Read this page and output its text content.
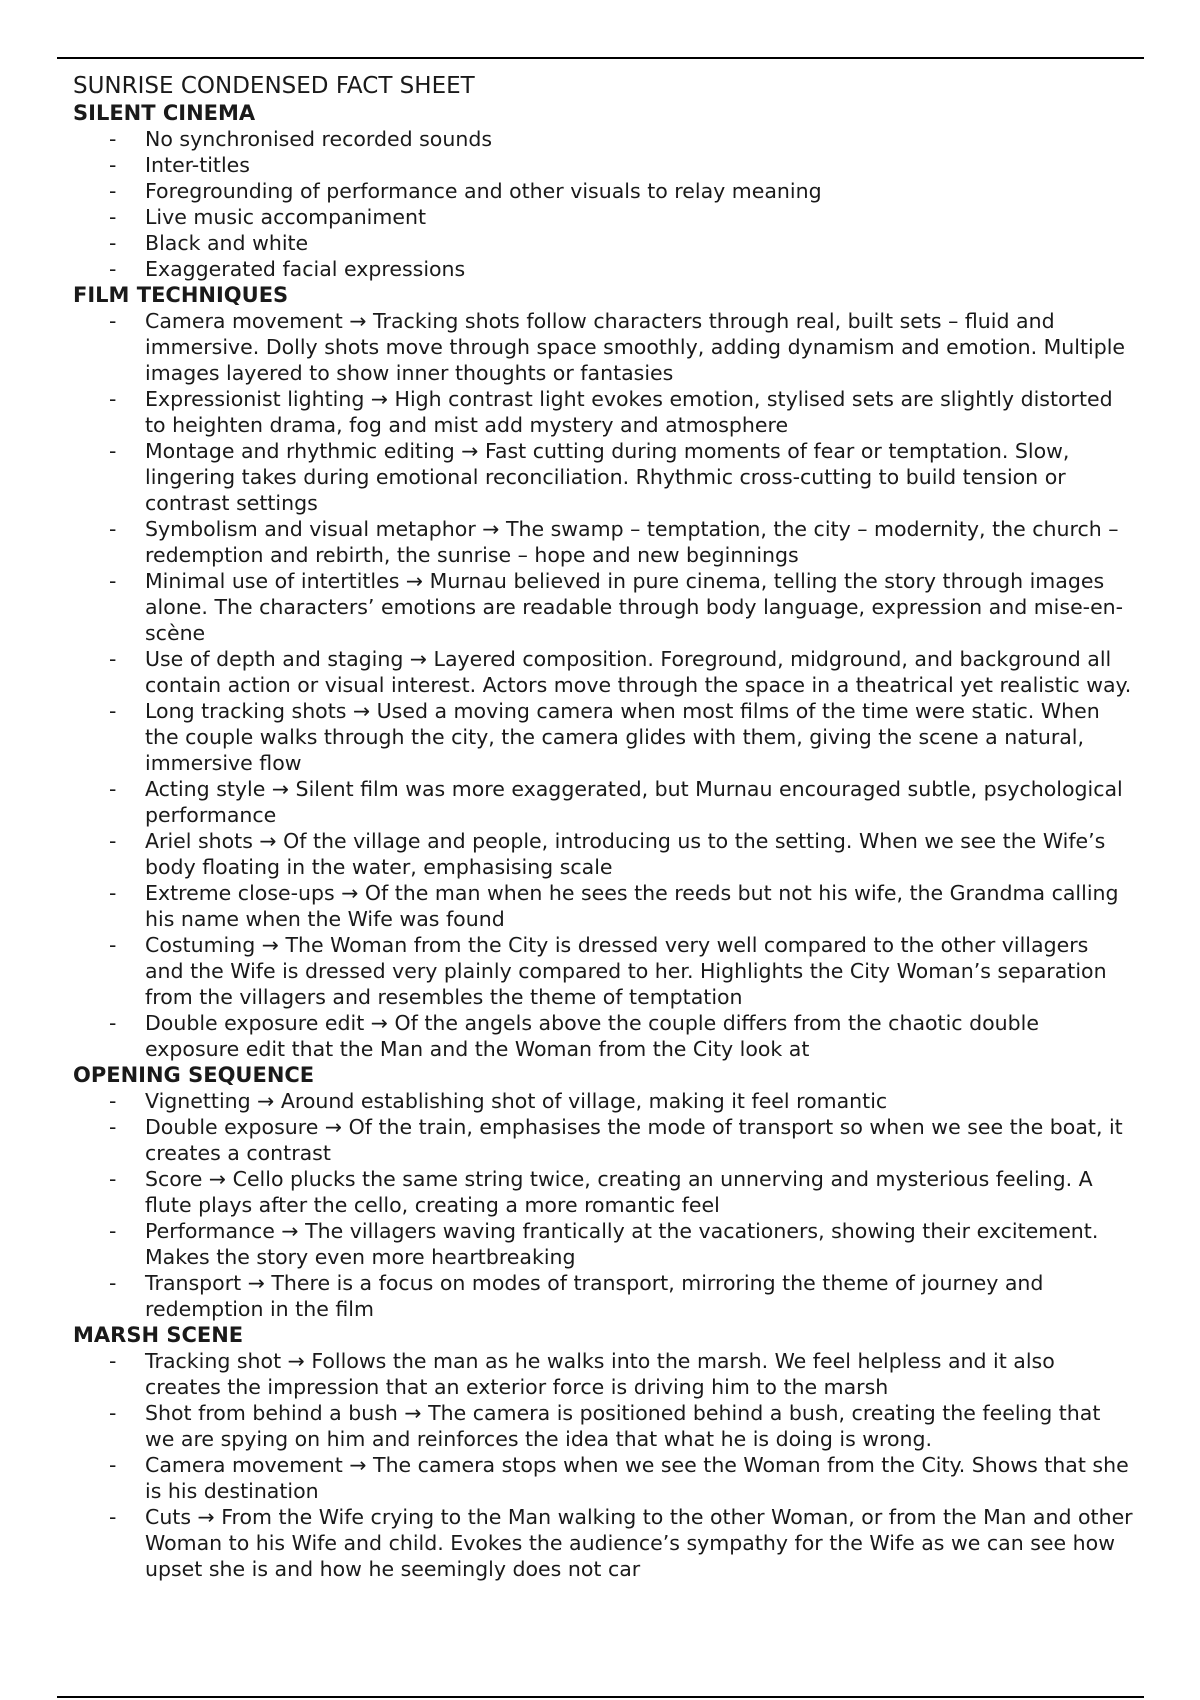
SUNRISE CONDENSED FACT SHEET
SILENT CINEMA
- No synchronised recorded sounds
- Inter-titles
- Foregrounding of performance and other visuals to relay meaning
- Live music accompaniment
- Black and white
- Exaggerated facial expressions
FILM TECHNIQUES
- Camera movement → Tracking shots follow characters through real, built sets – fluid and immersive. Dolly shots move through space smoothly, adding dynamism and emotion. Multiple images layered to show inner thoughts or fantasies
- Expressionist lighting → High contrast light evokes emotion, stylised sets are slightly distorted to heighten drama, fog and mist add mystery and atmosphere
- Montage and rhythmic editing → Fast cutting during moments of fear or temptation. Slow, lingering takes during emotional reconciliation. Rhythmic cross-cutting to build tension or contrast settings
- Symbolism and visual metaphor → The swamp – temptation, the city – modernity, the church – redemption and rebirth, the sunrise – hope and new beginnings
- Minimal use of intertitles → Murnau believed in pure cinema, telling the story through images alone. The characters’ emotions are readable through body language, expression and mise-en-scène
- Use of depth and staging → Layered composition. Foreground, midground, and background all contain action or visual interest. Actors move through the space in a theatrical yet realistic way.
- Long tracking shots → Used a moving camera when most films of the time were static. When the couple walks through the city, the camera glides with them, giving the scene a natural, immersive flow
- Acting style → Silent film was more exaggerated, but Murnau encouraged subtle, psychological performance
- Ariel shots → Of the village and people, introducing us to the setting. When we see the Wife’s body floating in the water, emphasising scale
- Extreme close-ups → Of the man when he sees the reeds but not his wife, the Grandma calling his name when the Wife was found
- Costuming → The Woman from the City is dressed very well compared to the other villagers and the Wife is dressed very plainly compared to her. Highlights the City Woman’s separation from the villagers and resembles the theme of temptation
- Double exposure edit → Of the angels above the couple differs from the chaotic double exposure edit that the Man and the Woman from the City look at
OPENING SEQUENCE
- Vignetting → Around establishing shot of village, making it feel romantic
- Double exposure → Of the train, emphasises the mode of transport so when we see the boat, it creates a contrast
- Score → Cello plucks the same string twice, creating an unnerving and mysterious feeling. A flute plays after the cello, creating a more romantic feel
- Performance → The villagers waving frantically at the vacationers, showing their excitement. Makes the story even more heartbreaking
- Transport → There is a focus on modes of transport, mirroring the theme of journey and redemption in the film
MARSH SCENE
- Tracking shot → Follows the man as he walks into the marsh. We feel helpless and it also creates the impression that an exterior force is driving him to the marsh
- Shot from behind a bush → The camera is positioned behind a bush, creating the feeling that we are spying on him and reinforces the idea that what he is doing is wrong.
- Camera movement → The camera stops when we see the Woman from the City. Shows that she is his destination
- Cuts → From the Wife crying to the Man walking to the other Woman, or from the Man and other Woman to his Wife and child. Evokes the audience’s sympathy for the Wife as we can see how upset she is and how he seemingly does not car
